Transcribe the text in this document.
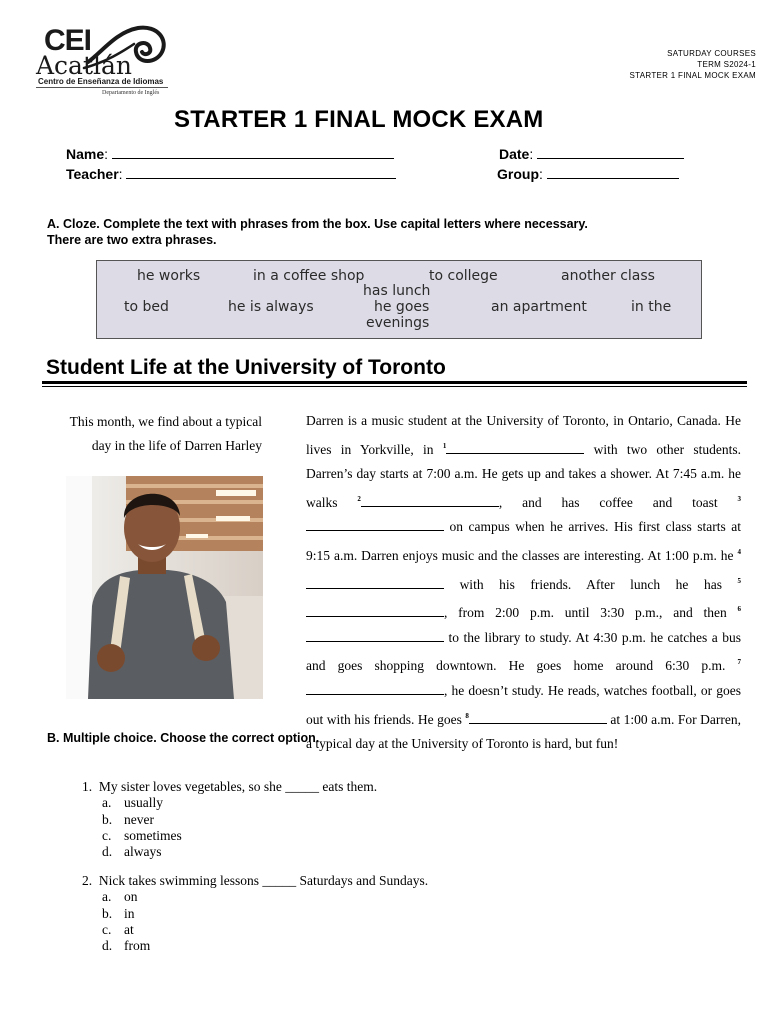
CEI
Acatlán
Centro de Enseñanza de Idiomas
Departamento de Inglés
SATURDAY COURSES
TERM S2024-1
STARTER 1 FINAL MOCK EXAM
STARTER 1 FINAL MOCK EXAM
Name:
Teacher:
Date:
Group:
A. Cloze. Complete the text with phrases from the box. Use capital letters where necessary.
There are two extra phrases.
he works	in a coffee shop	to college	another class
has lunch
to bed	he is always	he goes	an apartment	in the
evenings
Student Life at the University of Toronto
This month, we find about a typical day in the life of Darren Harley
Darren is a music student at the University of Toronto, in Ontario, Canada. He lives in Yorkville, in $^1$	with two other students. Darren’s day starts at 7:00 a.m. He gets up and takes a shower. At 7:45 a.m. he walks	$^2$	, and has coffee and toast	$^3$ on campus when he arrives. His first class starts at 9:15 a.m. Darren enjoys music and the classes are interesting. At 1:00 p.m. he $^4$ with his friends. After lunch he has $^5$, from 2:00 p.m. until 3:30 p.m., and then $^6$ to the library to study. At 4:30 p.m. he catches a bus and goes shopping downtown. He goes home around 6:30 p.m. $^7$, he doesn’t study. He reads, watches football, or goes out with his friends. He goes $^8$	at 1:00 a.m. For Darren, a typical day at the University of Toronto is hard, but fun!
B. Multiple choice. Choose the correct option.
1. My sister loves vegetables, so she _____ eats them.
a. usually
b. never
c. sometimes
d. always
2. Nick takes swimming lessons _____ Saturdays and Sundays.
a. on
b. in
c. at
d. from
